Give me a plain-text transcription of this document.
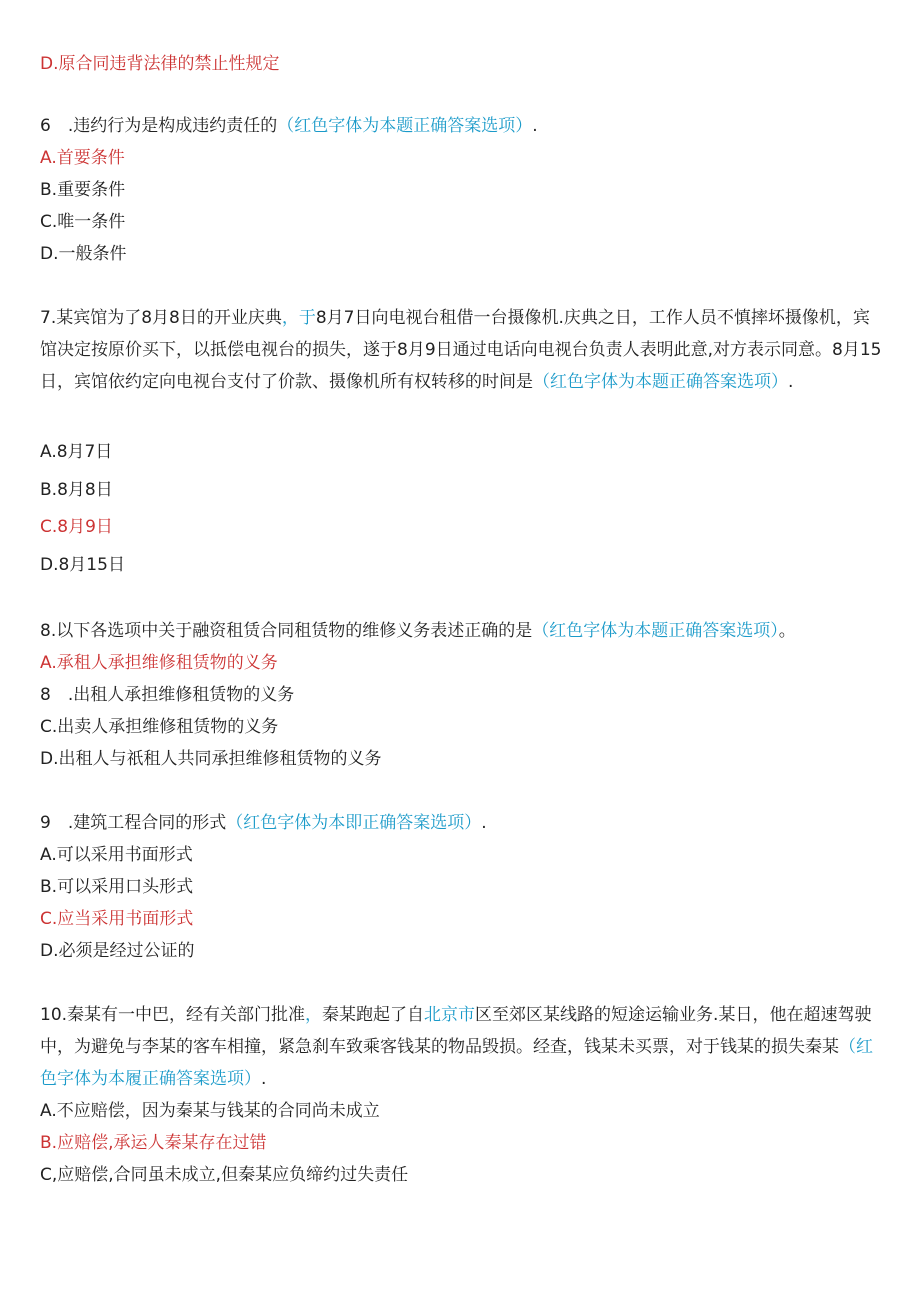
D.原合同违背法律的禁止性规定
6　.违约行为是构成违约责任的（红色字体为本题正确答案选项）.
A.首要条件
B.重要条件
C.唯一条件
D.一般条件
7.某宾馆为了8月8日的开业庆典，于8月7日向电视台租借一台摄像机.庆典之日，工作人员不慎摔坏摄像机，宾馆决定按原价买下，以抵偿电视台的损失，遂于8月9日通过电话向电视台负责人表明此意,对方表示同意。8月15日，宾馆依约定向电视台支付了价款、摄像机所有权转移的时间是（红色字体为本题正确答案选项）.
A.8月7日
B.8月8日
C.8月9日
D.8月15日
8.以下各选项中关于融资租赁合同租赁物的维修义务表述正确的是（红色字体为本题正确答案选项）。
A.承租人承担维修租赁物的义务
8　.出租人承担维修租赁物的义务
C.出卖人承担维修租赁物的义务
D.出租人与祇租人共同承担维修租赁物的义务
9　.建筑工程合同的形式（红色字体为本即正确答案选项）.
A.可以采用书面形式
B.可以采用口头形式
C.应当采用书面形式
D.必须是经过公证的
10.秦某有一中巴，经有关部门批准，秦某跑起了自北京市区至郊区某线路的短途运输业务.某日，他在超速驾驶中，为避免与李某的客车相撞，紧急刹车致乘客钱某的物品毁损。经查，钱某未买票，对于钱某的损失秦某（红色字体为本履正确答案选项）.
A.不应赔偿，因为秦某与钱某的合同尚未成立
B.应赔偿,承运人秦某存在过错
C,应赔偿,合同虽未成立,但秦某应负缔约过失责任
